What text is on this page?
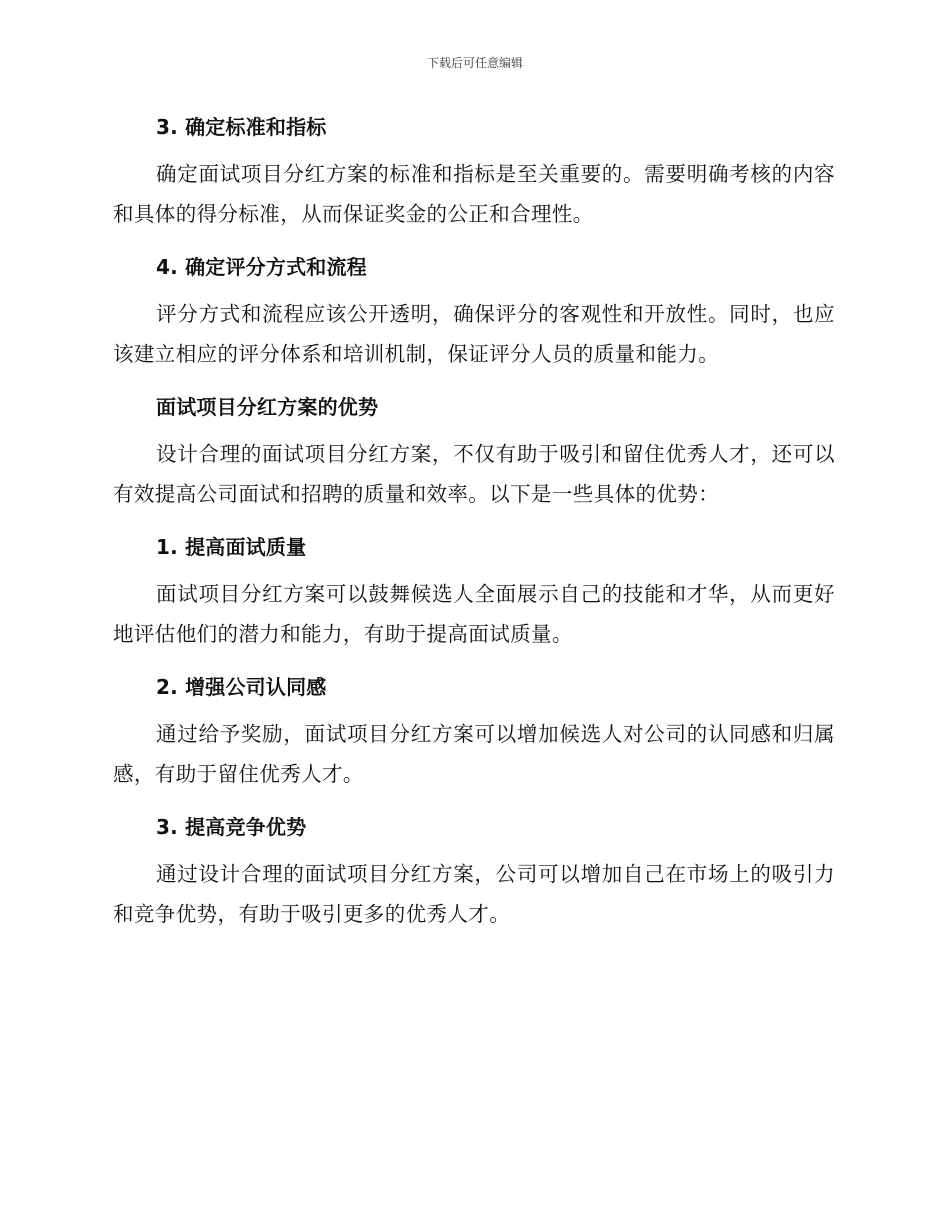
下载后可任意编辑
3. 确定标准和指标

确定面试项目分红方案的标准和指标是至关重要的。需要明确考核的内容和具体的得分标准，从而保证奖金的公正和合理性。

4. 确定评分方式和流程

评分方式和流程应该公开透明，确保评分的客观性和开放性。同时，也应该建立相应的评分体系和培训机制，保证评分人员的质量和能力。

面试项目分红方案的优势

设计合理的面试项目分红方案，不仅有助于吸引和留住优秀人才，还可以有效提高公司面试和招聘的质量和效率。以下是一些具体的优势：

1. 提高面试质量

面试项目分红方案可以鼓舞候选人全面展示自己的技能和才华，从而更好地评估他们的潜力和能力，有助于提高面试质量。

2. 增强公司认同感

通过给予奖励，面试项目分红方案可以增加候选人对公司的认同感和归属感，有助于留住优秀人才。

3. 提高竞争优势

通过设计合理的面试项目分红方案，公司可以增加自己在市场上的吸引力和竞争优势，有助于吸引更多的优秀人才。
